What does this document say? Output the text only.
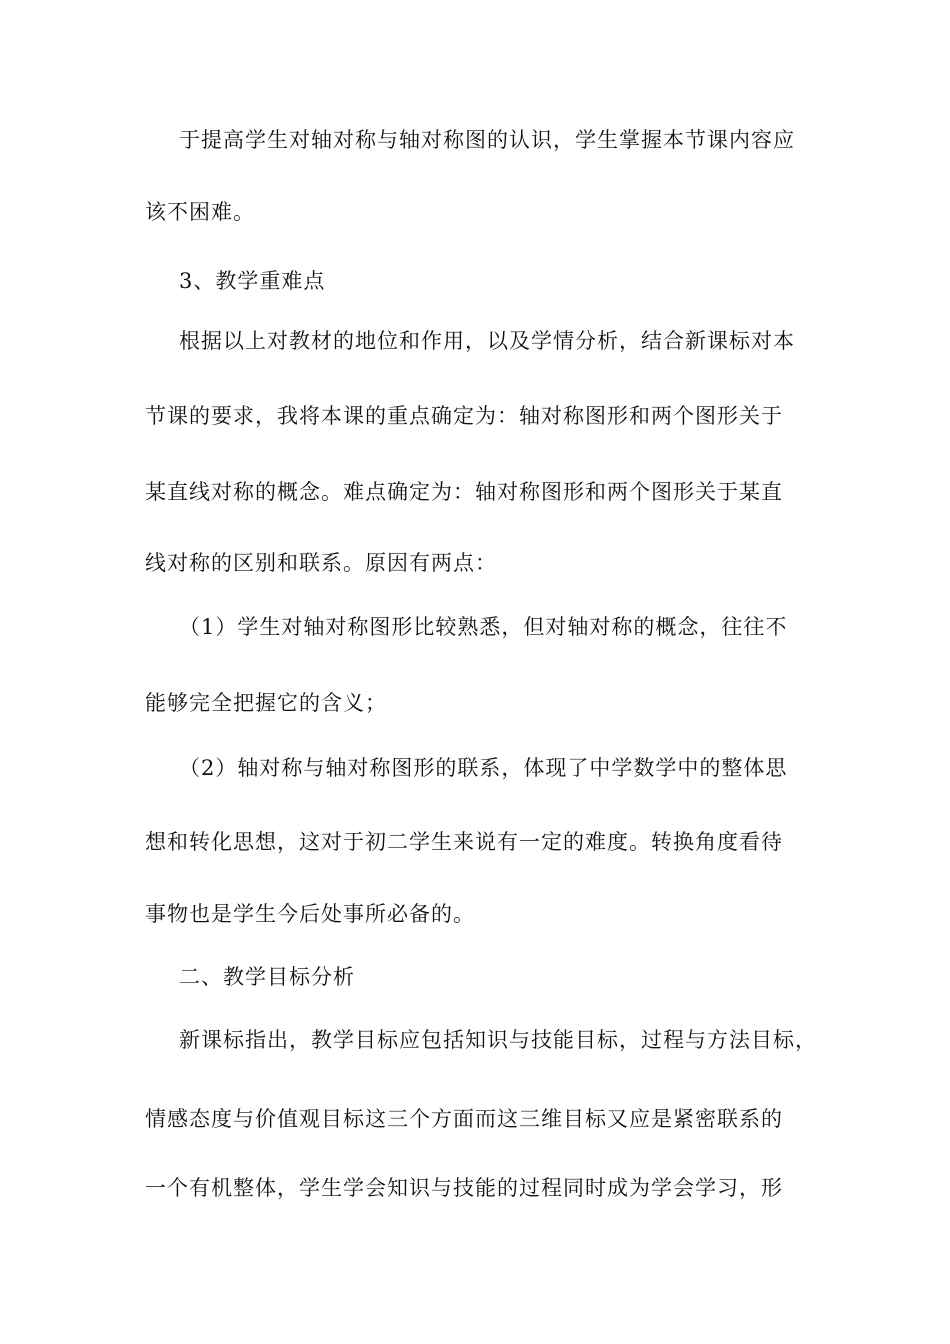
于提高学生对轴对称与轴对称图的认识，学生掌握本节课内容应
该不困难。
3、教学重难点
根据以上对教材的地位和作用，以及学情分析，结合新课标对本
节课的要求，我将本课的重点确定为：轴对称图形和两个图形关于
某直线对称的概念。难点确定为：轴对称图形和两个图形关于某直
线对称的区别和联系。原因有两点：
（1）学生对轴对称图形比较熟悉，但对轴对称的概念，往往不
能够完全把握它的含义；
（2）轴对称与轴对称图形的联系，体现了中学数学中的整体思
想和转化思想，这对于初二学生来说有一定的难度。转换角度看待
事物也是学生今后处事所必备的。
二、教学目标分析
新课标指出，教学目标应包括知识与技能目标，过程与方法目标，
情感态度与价值观目标这三个方面而这三维目标又应是紧密联系的
一个有机整体，学生学会知识与技能的过程同时成为学会学习，形
